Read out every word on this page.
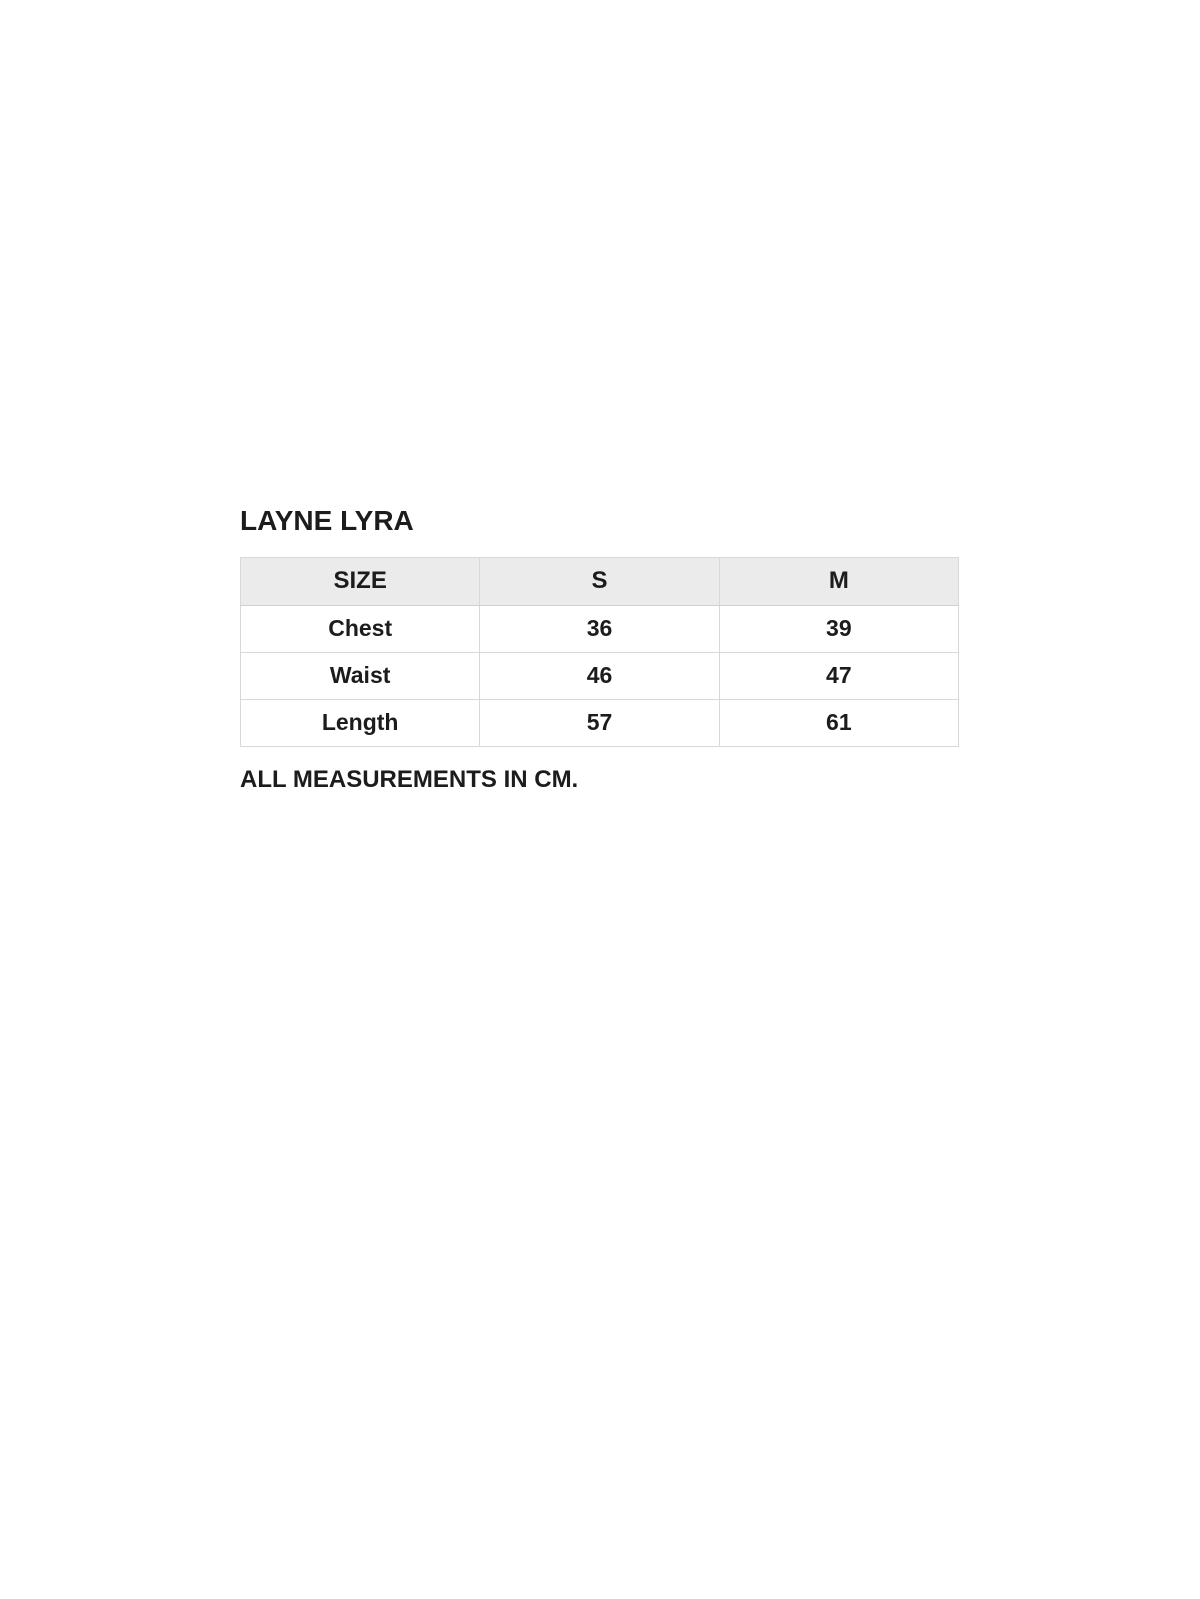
LAYNE LYRA
SIZE	S	M
Chest	36	39
Waist	46	47
Length	57	61
ALL MEASUREMENTS IN CM.
